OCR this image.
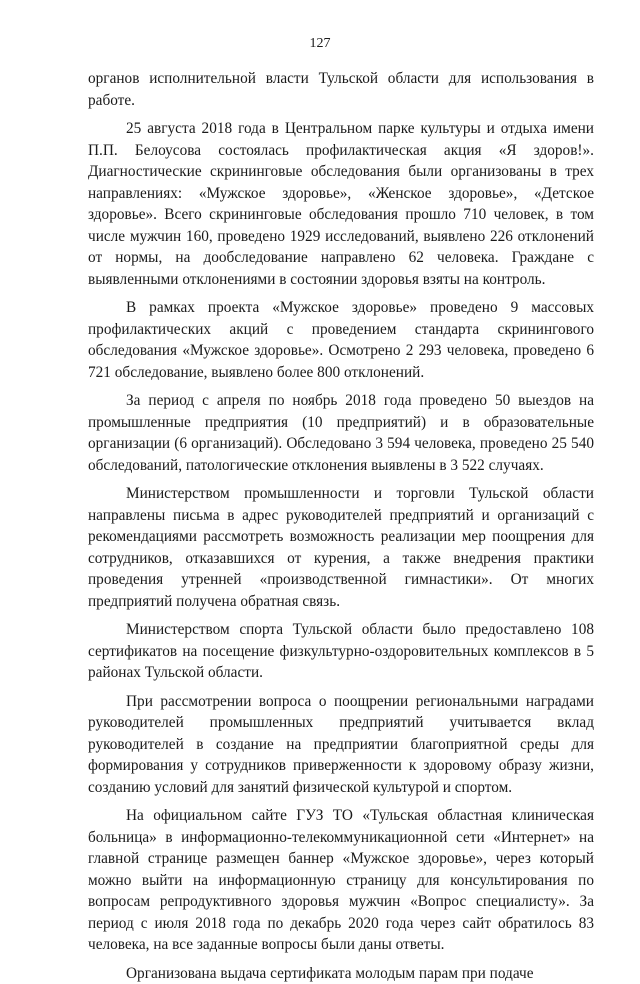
127

органов исполнительной власти Тульской области для использования в работе.

25 августа 2018 года в Центральном парке культуры и отдыха имени П.П. Белоусова состоялась профилактическая акция «Я здоров!». Диагностические скрининговые обследования были организованы в трех направлениях: «Мужское здоровье», «Женское здоровье», «Детское здоровье». Всего скрининговые обследования прошло 710 человек, в том числе мужчин 160, проведено 1929 исследований, выявлено 226 отклонений от нормы, на дообследование направлено 62 человека. Граждане с выявленными отклонениями в состоянии здоровья взяты на контроль.

В рамках проекта «Мужское здоровье» проведено 9 массовых профилактических акций с проведением стандарта скринингового обследования «Мужское здоровье». Осмотрено 2 293 человека, проведено 6 721 обследование, выявлено более 800 отклонений.

За период с апреля по ноябрь 2018 года проведено 50 выездов на промышленные предприятия (10 предприятий) и в образовательные организации (6 организаций). Обследовано 3 594 человека, проведено 25 540 обследований, патологические отклонения выявлены в 3 522 случаях.

Министерством промышленности и торговли Тульской области направлены письма в адрес руководителей предприятий и организаций с рекомендациями рассмотреть возможность реализации мер поощрения для сотрудников, отказавшихся от курения, а также внедрения практики проведения утренней «производственной гимнастики». От многих предприятий получена обратная связь.

Министерством спорта Тульской области было предоставлено 108 сертификатов на посещение физкультурно-оздоровительных комплексов в 5 районах Тульской области.

При рассмотрении вопроса о поощрении региональными наградами руководителей промышленных предприятий учитывается вклад руководителей в создание на предприятии благоприятной среды для формирования у сотрудников приверженности к здоровому образу жизни, созданию условий для занятий физической культурой и спортом.

На официальном сайте ГУЗ ТО «Тульская областная клиническая больница» в информационно-телекоммуникационной сети «Интернет» на главной странице размещен баннер «Мужское здоровье», через который можно выйти на информационную страницу для консультирования по вопросам репродуктивного здоровья мужчин «Вопрос специалисту». За период с июля 2018 года по декабрь 2020 года через сайт обратилось 83 человека, на все заданные вопросы были даны ответы.

Организована выдача сертификата молодым парам при подаче
